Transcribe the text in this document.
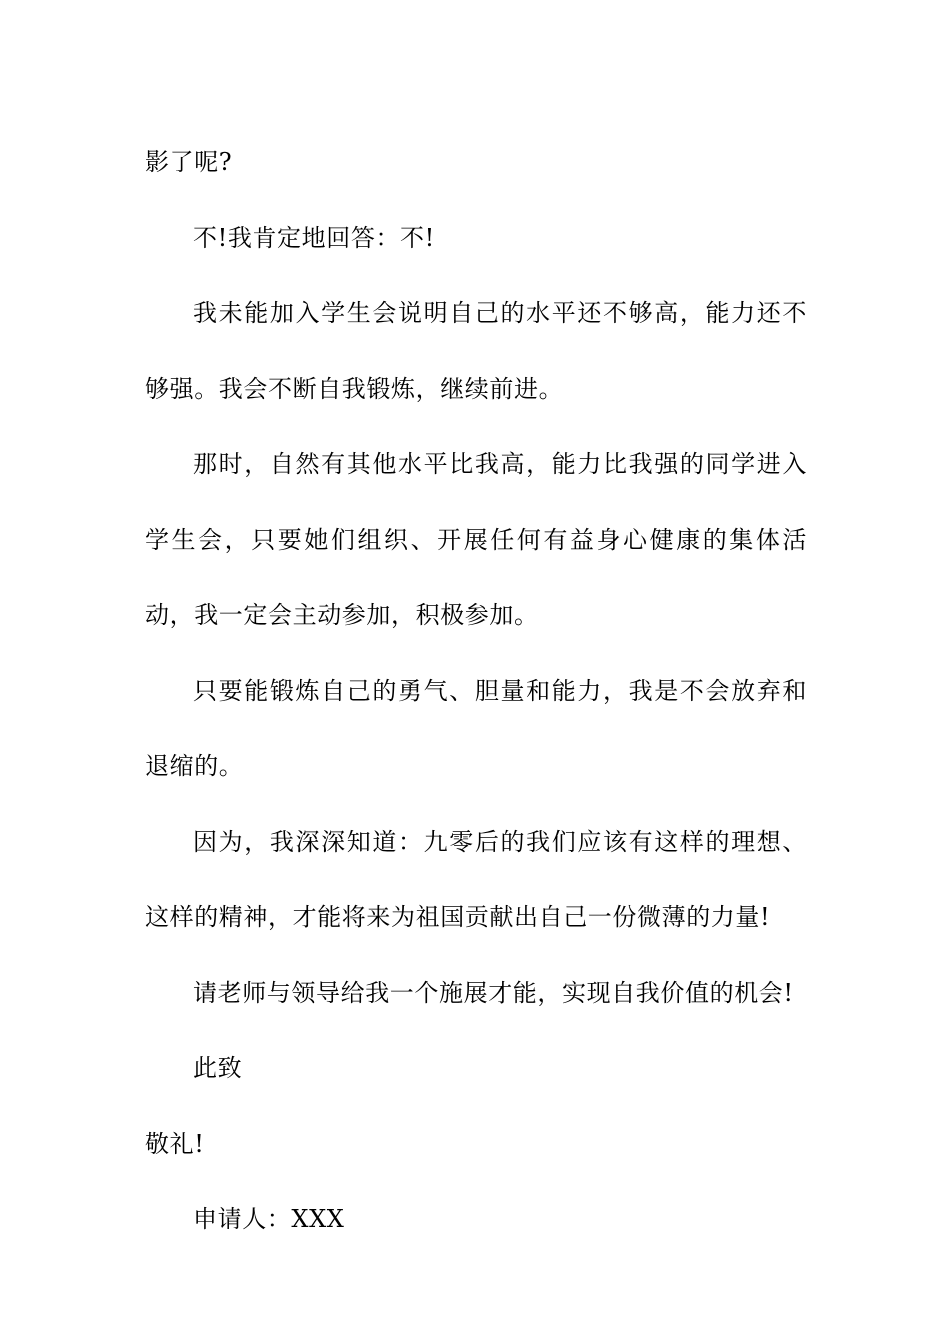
影了呢?

不!我肯定地回答：不!

我未能加入学生会说明自己的水平还不够高，能力还不够强。我会不断自我锻炼，继续前进。

那时，自然有其他水平比我高，能力比我强的同学进入学生会，只要她们组织、开展任何有益身心健康的集体活动，我一定会主动参加，积极参加。

只要能锻炼自己的勇气、胆量和能力，我是不会放弃和退缩的。

因为，我深深知道：九零后的我们应该有这样的理想、这样的精神，才能将来为祖国贡献出自己一份微薄的力量!

请老师与领导给我一个施展才能，实现自我价值的机会!

此致

敬礼!

申请人：XXX
